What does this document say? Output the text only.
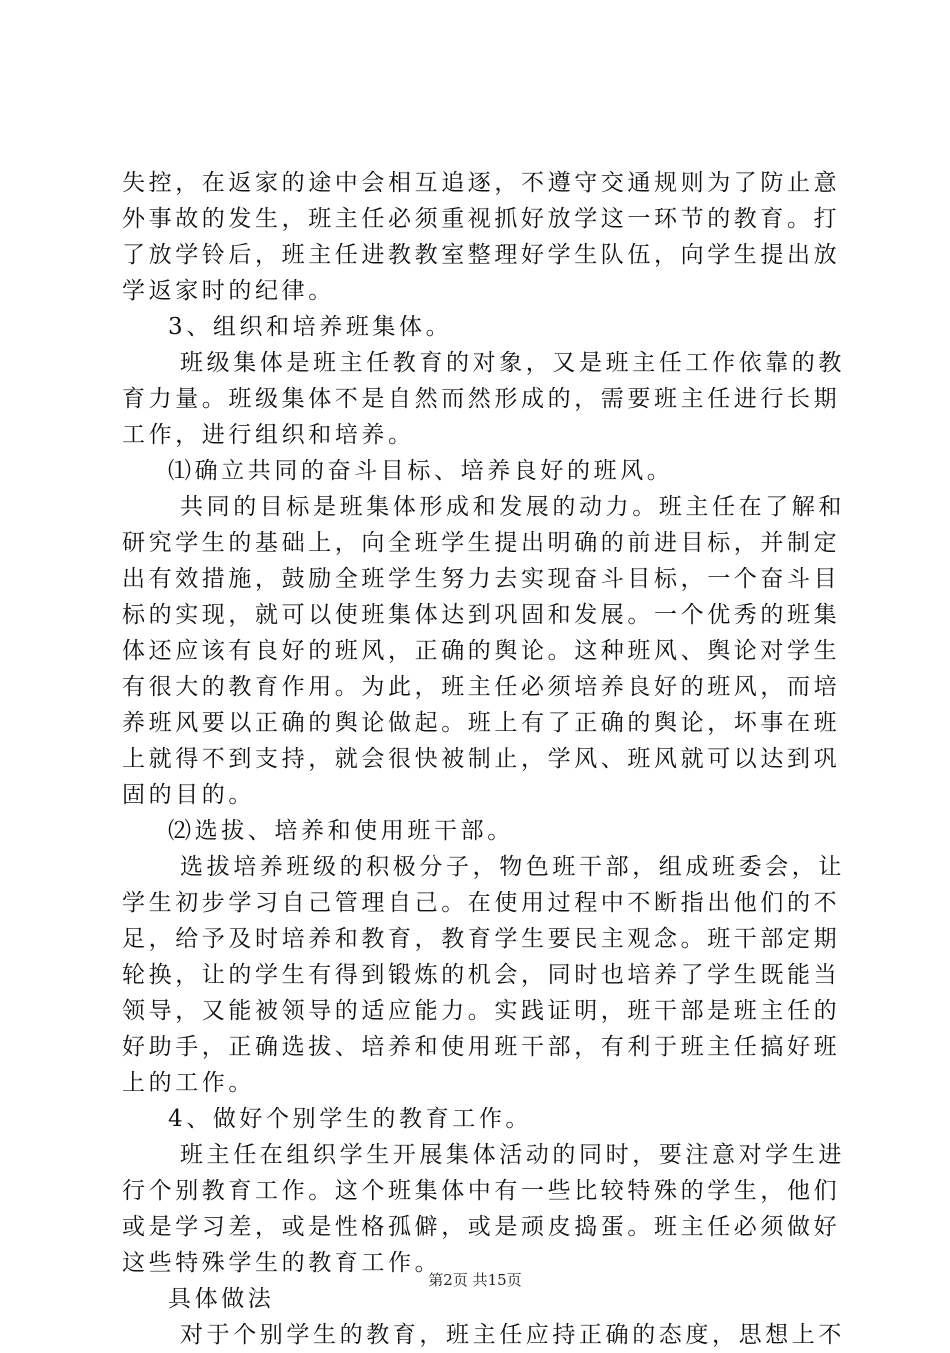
失控，在返家的途中会相互追逐，不遵守交通规则为了防止意
外事故的发生，班主任必须重视抓好放学这一环节的教育。打
了放学铃后，班主任进教教室整理好学生队伍，向学生提出放
学返家时的纪律。
3、组织和培养班集体。
班级集体是班主任教育的对象，又是班主任工作依靠的教
育力量。班级集体不是自然而然形成的，需要班主任进行长期
工作，进行组织和培养。
⑴确立共同的奋斗目标、培养良好的班风。
共同的目标是班集体形成和发展的动力。班主任在了解和
研究学生的基础上，向全班学生提出明确的前进目标，并制定
出有效措施，鼓励全班学生努力去实现奋斗目标，一个奋斗目
标的实现，就可以使班集体达到巩固和发展。一个优秀的班集
体还应该有良好的班风，正确的舆论。这种班风、舆论对学生
有很大的教育作用。为此，班主任必须培养良好的班风，而培
养班风要以正确的舆论做起。班上有了正确的舆论，坏事在班
上就得不到支持，就会很快被制止，学风、班风就可以达到巩
固的目的。
⑵选拔、培养和使用班干部。
选拔培养班级的积极分子，物色班干部，组成班委会，让
学生初步学习自己管理自己。在使用过程中不断指出他们的不
足，给予及时培养和教育，教育学生要民主观念。班干部定期
轮换，让的学生有得到锻炼的机会，同时也培养了学生既能当
领导，又能被领导的适应能力。实践证明，班干部是班主任的
好助手，正确选拔、培养和使用班干部，有利于班主任搞好班
上的工作。
4、做好个别学生的教育工作。
班主任在组织学生开展集体活动的同时，要注意对学生进
行个别教育工作。这个班集体中有一些比较特殊的学生，他们
或是学习差，或是性格孤僻，或是顽皮捣蛋。班主任必须做好
这些特殊学生的教育工作。
具体做法
对于个别学生的教育，班主任应持正确的态度，思想上不
第2页 共15页
